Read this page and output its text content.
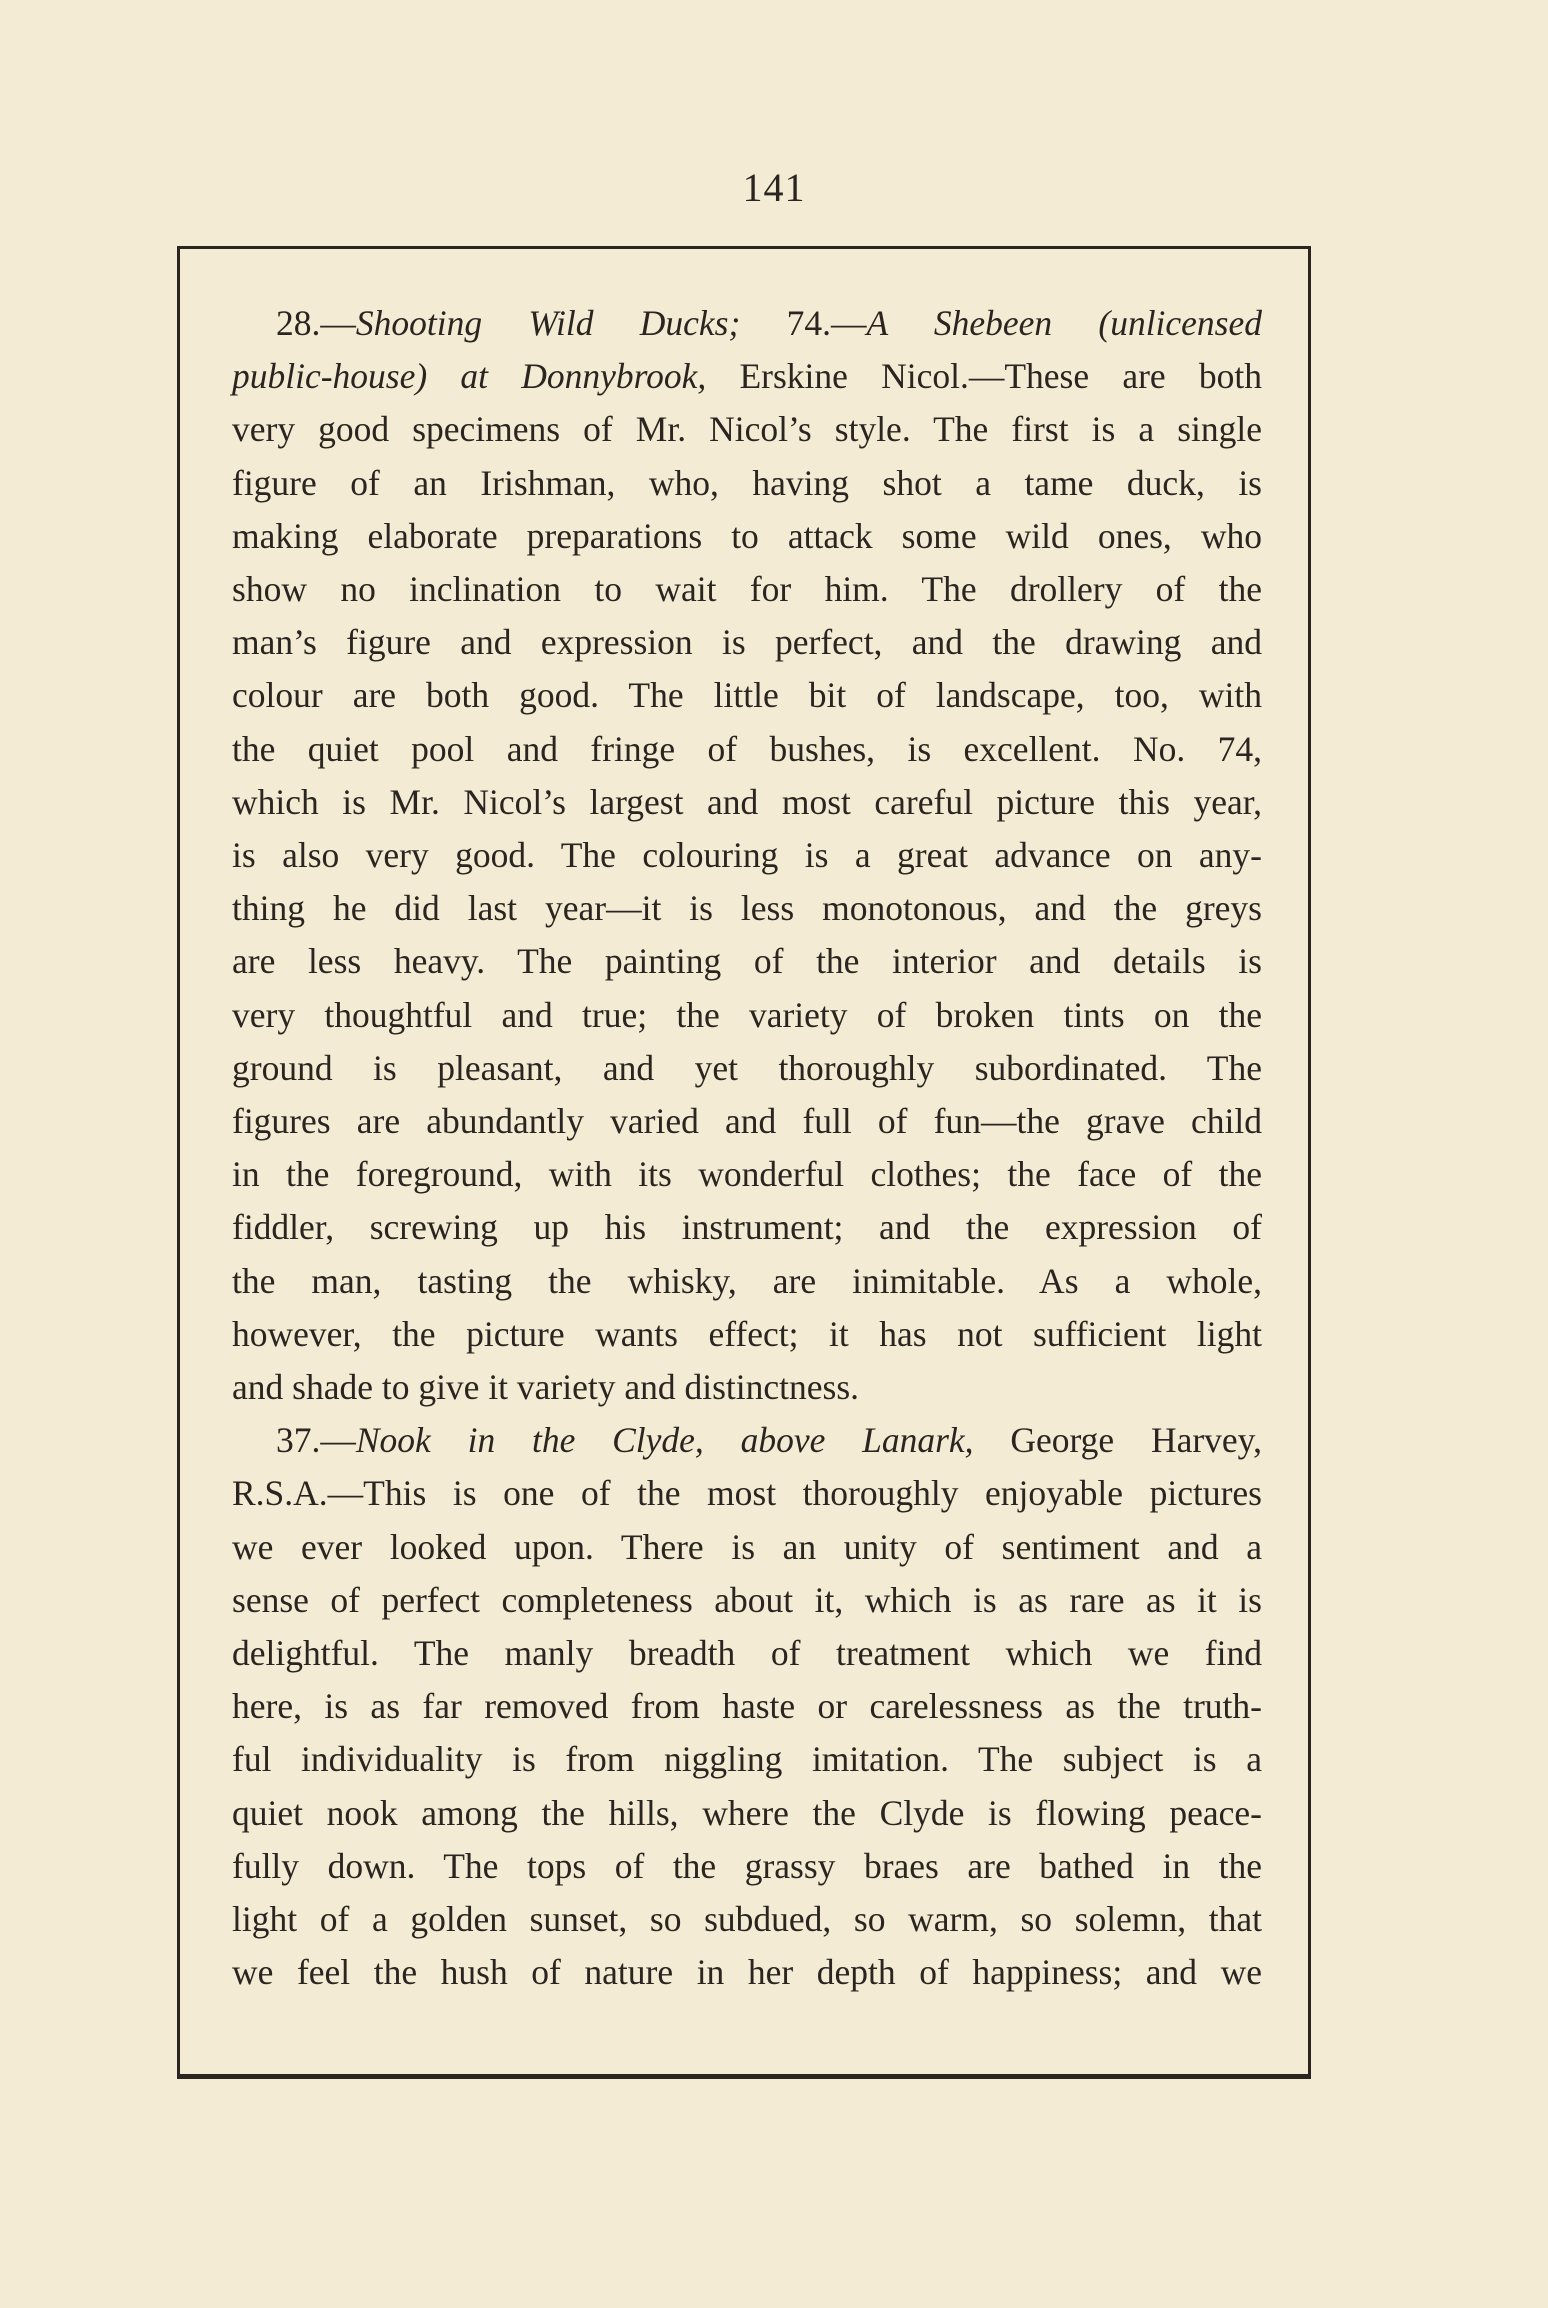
141
28.—Shooting Wild Ducks; 74.—A Shebeen (unlicensed
public-house) at Donnybrook, Erskine Nicol.—These are both
very good specimens of Mr. Nicol’s style. The first is a single
figure of an Irishman, who, having shot a tame duck, is
making elaborate preparations to attack some wild ones, who
show no inclination to wait for him. The drollery of the
man’s figure and expression is perfect, and the drawing and
colour are both good. The little bit of landscape, too, with
the quiet pool and fringe of bushes, is excellent. No. 74,
which is Mr. Nicol’s largest and most careful picture this year,
is also very good. The colouring is a great advance on any-
thing he did last year—it is less monotonous, and the greys
are less heavy. The painting of the interior and details is
very thoughtful and true; the variety of broken tints on the
ground is pleasant, and yet thoroughly subordinated. The
figures are abundantly varied and full of fun—the grave child
in the foreground, with its wonderful clothes; the face of the
fiddler, screwing up his instrument; and the expression of
the man, tasting the whisky, are inimitable. As a whole,
however, the picture wants effect; it has not sufficient light
and shade to give it variety and distinctness.
37.—Nook in the Clyde, above Lanark, George Harvey,
R.S.A.—This is one of the most thoroughly enjoyable pictures
we ever looked upon. There is an unity of sentiment and a
sense of perfect completeness about it, which is as rare as it is
delightful. The manly breadth of treatment which we find
here, is as far removed from haste or carelessness as the truth-
ful individuality is from niggling imitation. The subject is a
quiet nook among the hills, where the Clyde is flowing peace-
fully down. The tops of the grassy braes are bathed in the
light of a golden sunset, so subdued, so warm, so solemn, that
we feel the hush of nature in her depth of happiness; and we
